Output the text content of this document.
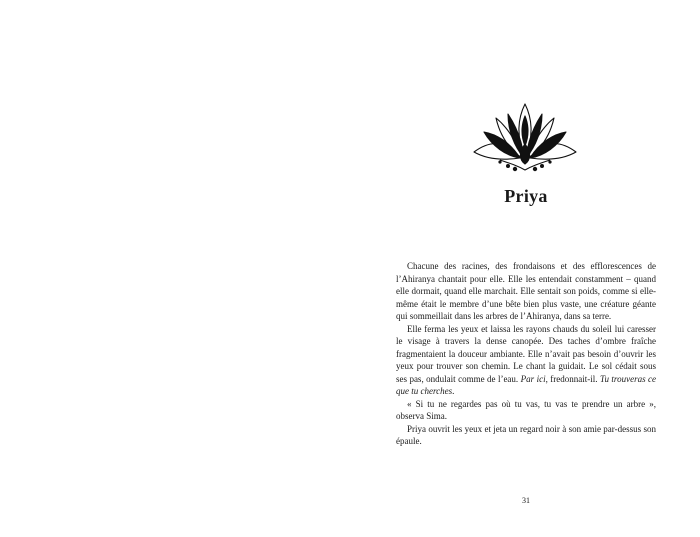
Priya

Chacune des racines, des frondaisons et des efflorescences de l’Ahiranya chantait pour elle. Elle les entendait constamment – quand elle dormait, quand elle marchait. Elle sentait son poids, comme si elle-même était le membre d’une bête bien plus vaste, une créature géante qui sommeillait dans les arbres de l’Ahiranya, dans sa terre.

Elle ferma les yeux et laissa les rayons chauds du soleil lui caresser le visage à travers la dense canopée. Des taches d’ombre fraîche fragmentaient la douceur ambiante. Elle n’avait pas besoin d’ouvrir les yeux pour trouver son chemin. Le chant la guidait. Le sol cédait sous ses pas, ondulait comme de l’eau. Par ici, fredonnait-il. Tu trouveras ce que tu cherches.

« Si tu ne regardes pas où tu vas, tu vas te prendre un arbre », observa Sima.

Priya ouvrit les yeux et jeta un regard noir à son amie par-dessus son épaule.

31
